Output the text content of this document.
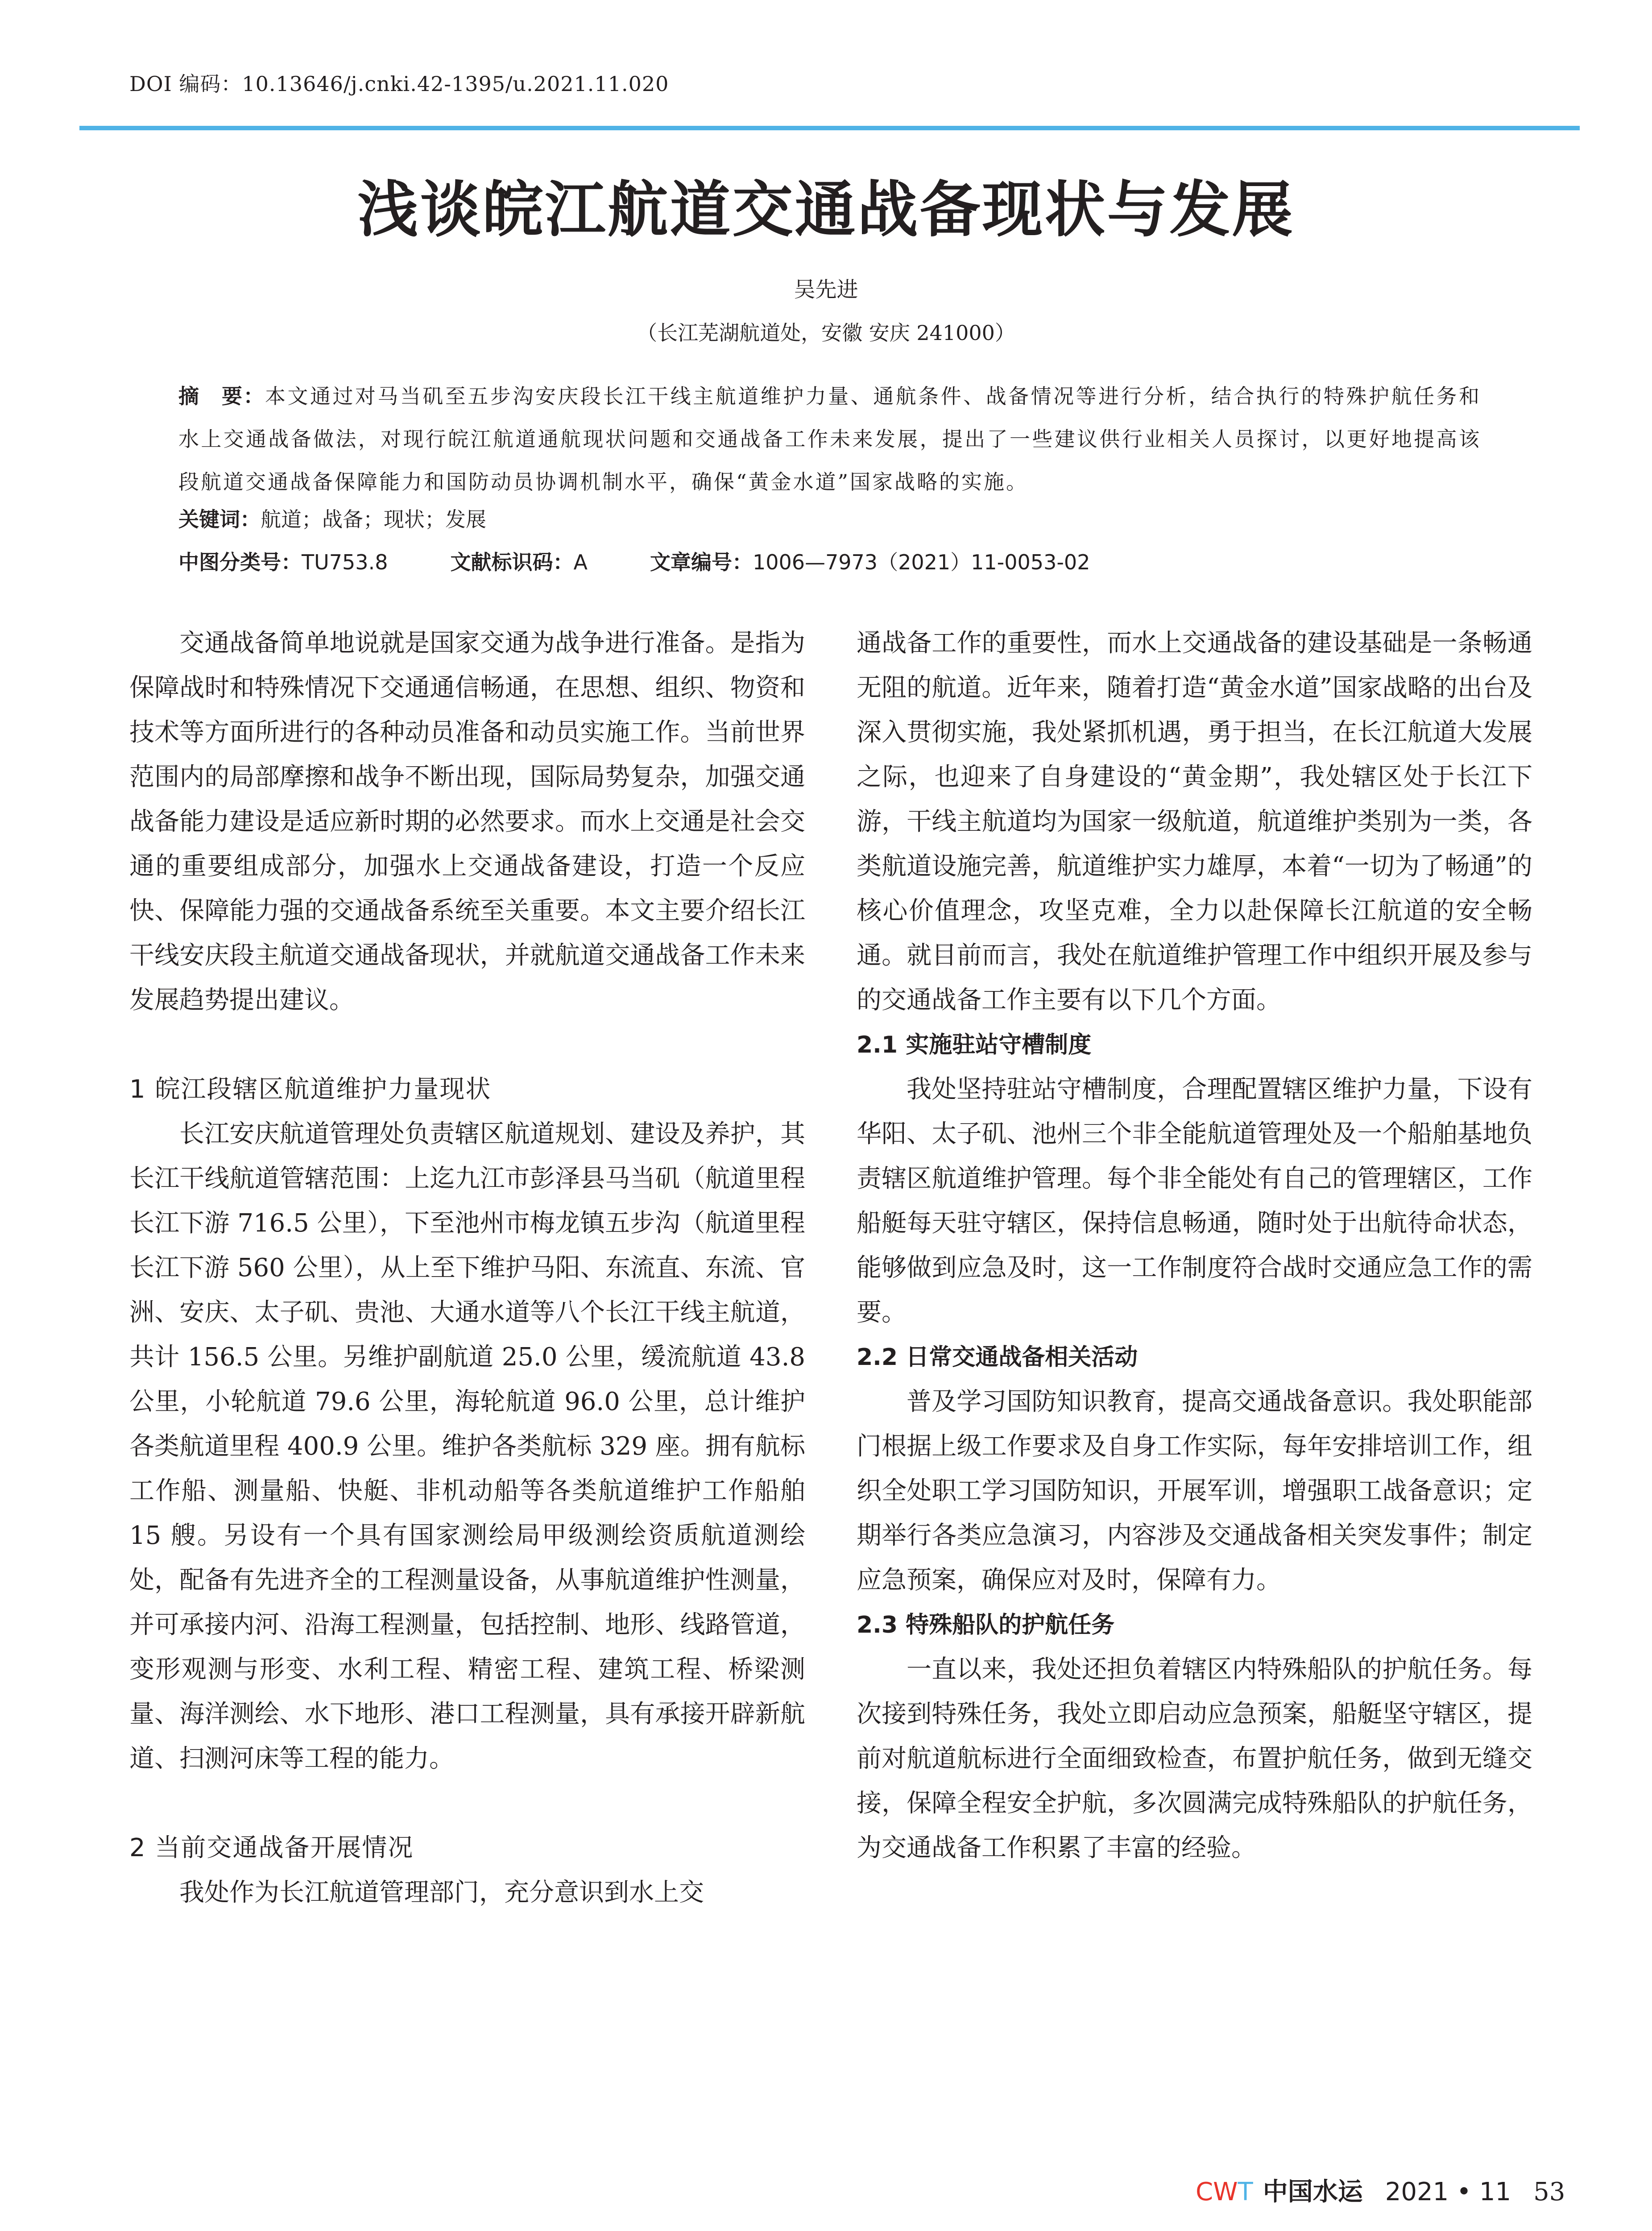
DOI 编码：10.13646/j.cnki.42-1395/u.2021.11.020
浅谈皖江航道交通战备现状与发展
吴先进
（长江芜湖航道处，安徽 安庆 241000）
摘　要：本文通过对马当矶至五步沟安庆段长江干线主航道维护力量、通航条件、战备情况等进行分析，结合执行的特殊护航任务和水上交通战备做法，对现行皖江航道通航现状问题和交通战备工作未来发展，提出了一些建议供行业相关人员探讨，以更好地提高该段航道交通战备保障能力和国防动员协调机制水平，确保“黄金水道”国家战略的实施。
关键词：航道；战备；现状；发展
中图分类号：TU753.8	文献标识码：A	文章编号：1006—7973（2021）11-0053-02

交通战备简单地说就是国家交通为战争进行准备。是指为保障战时和特殊情况下交通通信畅通，在思想、组织、物资和技术等方面所进行的各种动员准备和动员实施工作。当前世界范围内的局部摩擦和战争不断出现，国际局势复杂，加强交通战备能力建设是适应新时期的必然要求。而水上交通是社会交通的重要组成部分，加强水上交通战备建设，打造一个反应快、保障能力强的交通战备系统至关重要。本文主要介绍长江干线安庆段主航道交通战备现状，并就航道交通战备工作未来发展趋势提出建议。

1 皖江段辖区航道维护力量现状

长江安庆航道管理处负责辖区航道规划、建设及养护，其长江干线航道管辖范围：上迄九江市彭泽县马当矶（航道里程长江下游 716.5 公里），下至池州市梅龙镇五步沟（航道里程长江下游 560 公里），从上至下维护马阳、东流直、东流、官洲、安庆、太子矶、贵池、大通水道等八个长江干线主航道，共计 156.5 公里。另维护副航道 25.0 公里，缓流航道 43.8 公里，小轮航道 79.6 公里，海轮航道 96.0 公里，总计维护各类航道里程 400.9 公里。维护各类航标 329 座。拥有航标工作船、测量船、快艇、非机动船等各类航道维护工作船舶 15 艘。另设有一个具有国家测绘局甲级测绘资质航道测绘处，配备有先进齐全的工程测量设备，从事航道维护性测量，并可承接内河、沿海工程测量，包括控制、地形、线路管道，变形观测与形变、水利工程、精密工程、建筑工程、桥梁测量、海洋测绘、水下地形、港口工程测量，具有承接开辟新航道、扫测河床等工程的能力。

2 当前交通战备开展情况

我处作为长江航道管理部门，充分意识到水上交

通战备工作的重要性，而水上交通战备的建设基础是一条畅通无阻的航道。近年来，随着打造“黄金水道”国家战略的出台及深入贯彻实施，我处紧抓机遇，勇于担当，在长江航道大发展之际，也迎来了自身建设的“黄金期”，我处辖区处于长江下游，干线主航道均为国家一级航道，航道维护类别为一类，各类航道设施完善，航道维护实力雄厚，本着“一切为了畅通”的核心价值理念，攻坚克难，全力以赴保障长江航道的安全畅通。就目前而言，我处在航道维护管理工作中组织开展及参与的交通战备工作主要有以下几个方面。

2.1 实施驻站守槽制度

我处坚持驻站守槽制度，合理配置辖区维护力量，下设有华阳、太子矶、池州三个非全能航道管理处及一个船舶基地负责辖区航道维护管理。每个非全能处有自己的管理辖区，工作船艇每天驻守辖区，保持信息畅通，随时处于出航待命状态，能够做到应急及时，这一工作制度符合战时交通应急工作的需要。

2.2 日常交通战备相关活动

普及学习国防知识教育，提高交通战备意识。我处职能部门根据上级工作要求及自身工作实际，每年安排培训工作，组织全处职工学习国防知识，开展军训，增强职工战备意识；定期举行各类应急演习，内容涉及交通战备相关突发事件；制定应急预案，确保应对及时，保障有力。

2.3 特殊船队的护航任务

一直以来，我处还担负着辖区内特殊船队的护航任务。每次接到特殊任务，我处立即启动应急预案，船艇坚守辖区，提前对航道航标进行全面细致检查，布置护航任务，做到无缝交接，保障全程安全护航，多次圆满完成特殊船队的护航任务，为交通战备工作积累了丰富的经验。

CWT 中国水运 2021 • 11 53
